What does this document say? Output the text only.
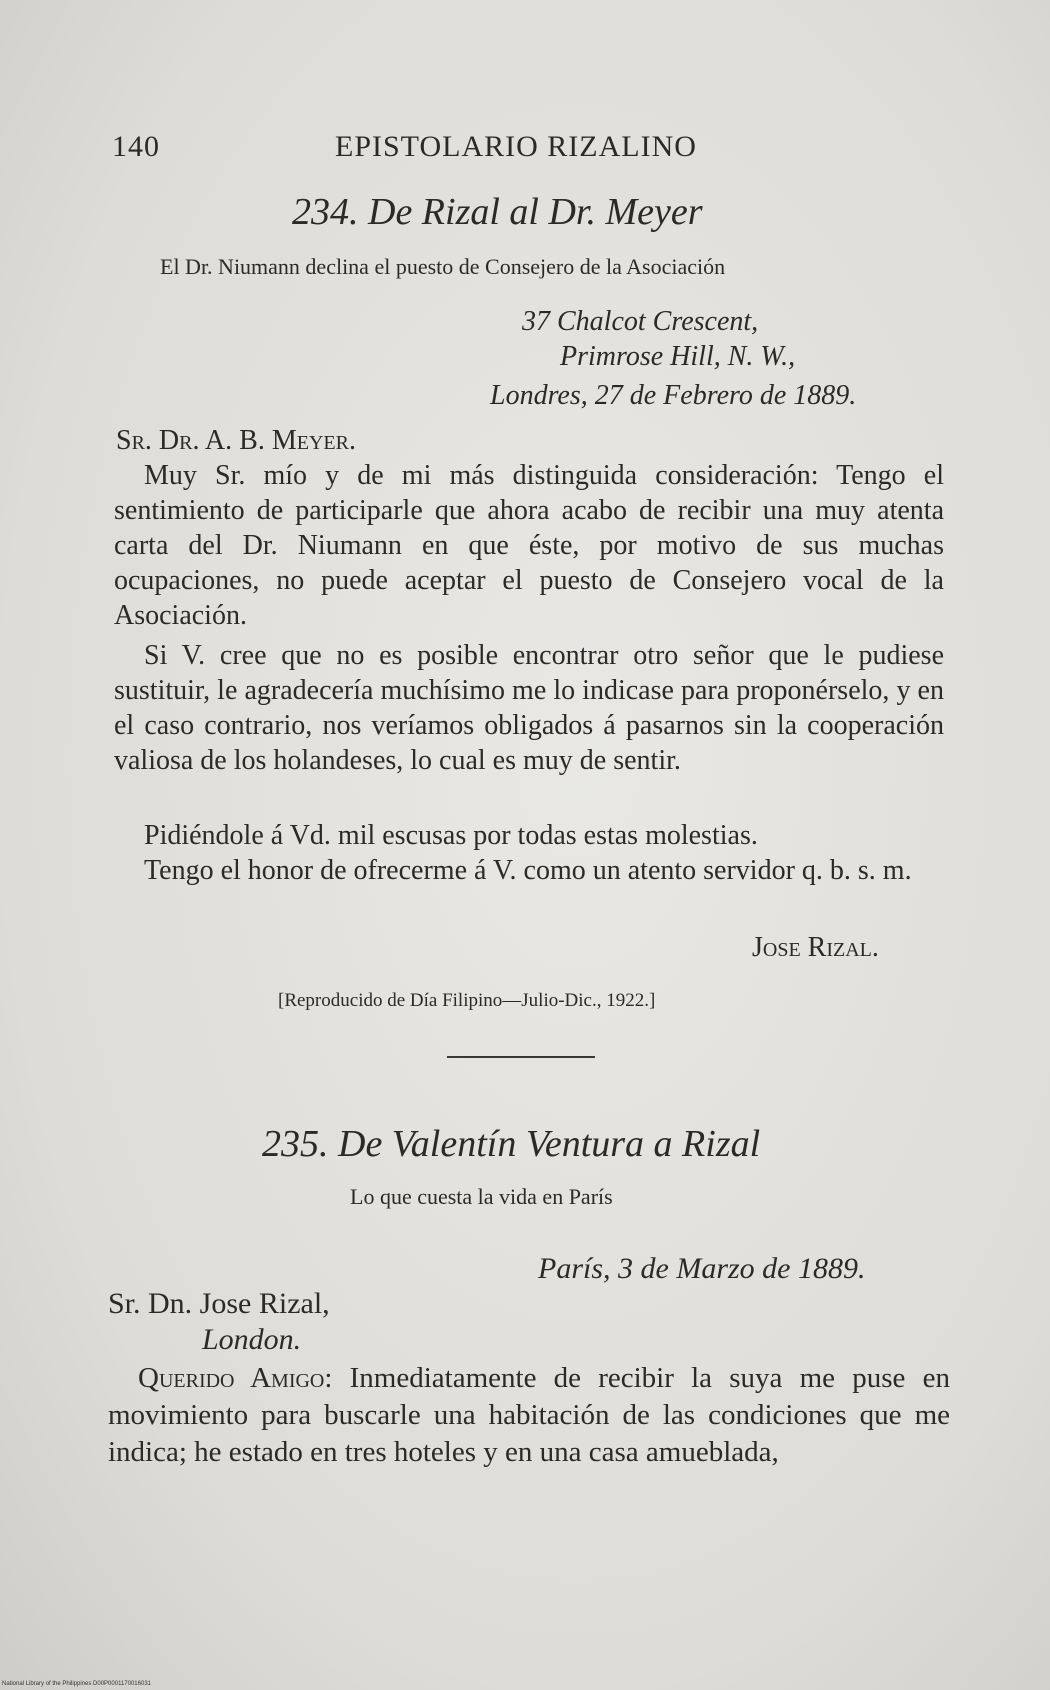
140	EPISTOLARIO RIZALINO
234. De Rizal al Dr. Meyer
El Dr. Niumann declina el puesto de Consejero de la Asociación
37 Chalcot Crescent,
Primrose Hill, N. W.,
Londres, 27 de Febrero de 1889.
Sr. Dr. A. B. Meyer.
Muy Sr. mío y de mi más distinguida consideración: Tengo el sentimiento de participarle que ahora acabo de recibir una muy atenta carta del Dr. Niumann en que éste, por motivo de sus muchas ocupaciones, no puede aceptar el puesto de Consejero vocal de la Asociación.
Si V. cree que no es posible encontrar otro señor que le pudiese sustituir, le agradecería muchísimo me lo indicase para proponérselo, y en el caso contrario, nos veríamos obligados á pasarnos sin la cooperación valiosa de los holandeses, lo cual es muy de sentir.
Pidiéndole á Vd. mil escusas por todas estas molestias.
Tengo el honor de ofrecerme á V. como un atento servidor q. b. s. m.
Jose Rizal.
[Reproducido de Día Filipino—Julio-Dic., 1922.]
235. De Valentín Ventura a Rizal
Lo que cuesta la vida en París
París, 3 de Marzo de 1889.
Sr. Dn. Jose Rizal,
London.
Querido Amigo: Inmediatamente de recibir la suya me puse en movimiento para buscarle una habitación de las condiciones que me indica; he estado en tres hoteles y en una casa amueblada,
National Library of the Philippines D00P0001170016031
